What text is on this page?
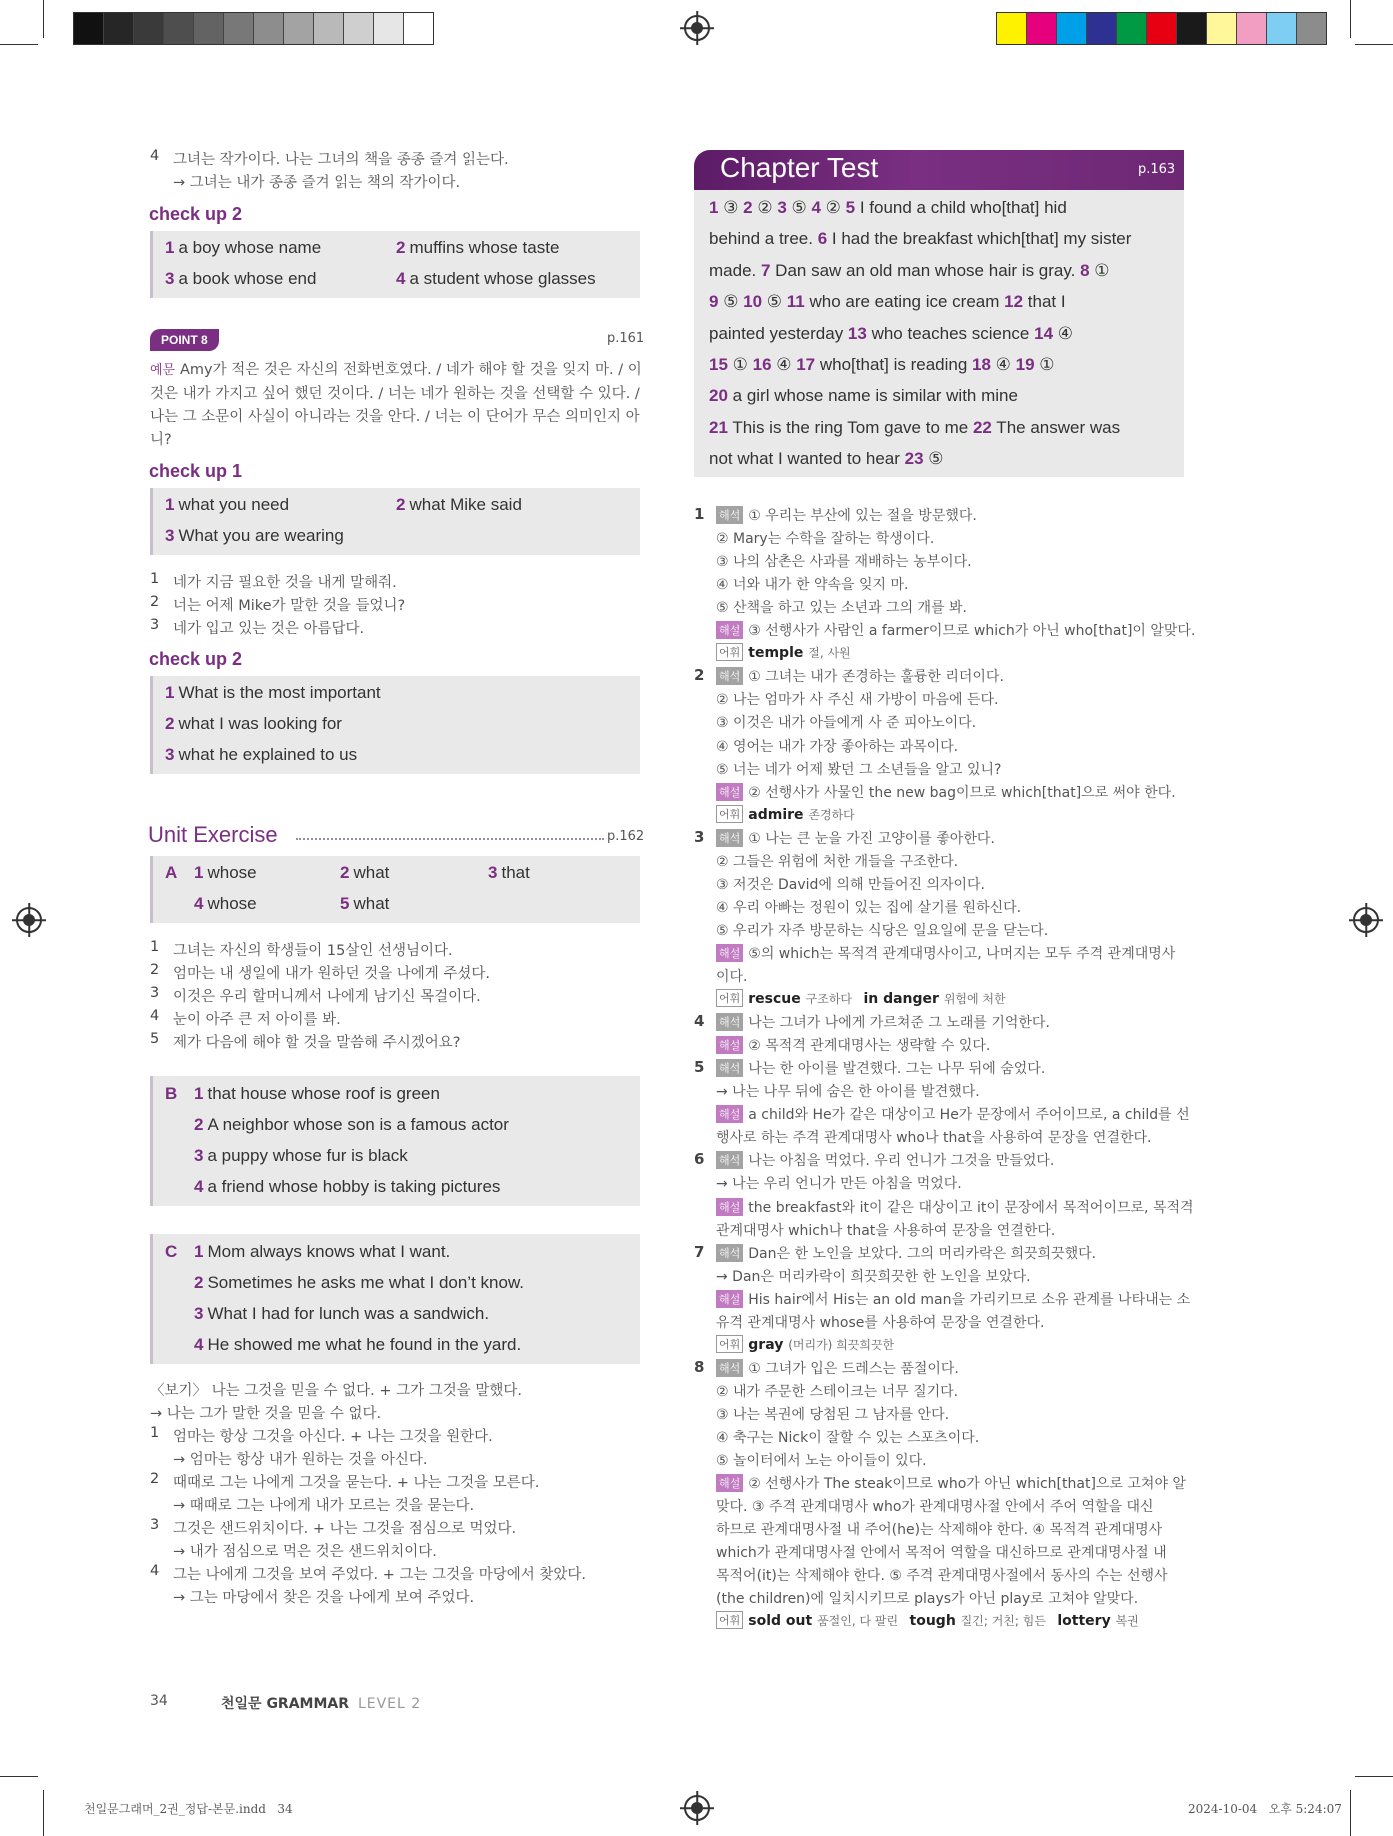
4 그녀는 작가이다. 나는 그녀의 책을 종종 즐겨 읽는다.
→ 그녀는 내가 종종 즐겨 읽는 책의 작가이다.
check up 2
1 a boy whose name	2 muffins whose taste
3 a book whose end	4 a student whose glasses
POINT 8	p.161
예문 Amy가 적은 것은 자신의 전화번호였다. / 네가 해야 할 것을 잊지 마. / 이
것은 내가 가지고 싶어 했던 것이다. / 너는 네가 원하는 것을 선택할 수 있다. /
나는 그 소문이 사실이 아니라는 것을 안다. / 너는 이 단어가 무슨 의미인지 아
니?
check up 1
1 what you need	2 what Mike said
3 What you are wearing
1 네가 지금 필요한 것을 내게 말해줘.
2 너는 어제 Mike가 말한 것을 들었니?
3 네가 입고 있는 것은 아름답다.
check up 2
1 What is the most important
2 what I was looking for
3 what he explained to us
Unit Exercise	p.162
A 1 whose	2 what	3 that
4 whose	5 what
1 그녀는 자신의 학생들이 15살인 선생님이다.
2 엄마는 내 생일에 내가 원하던 것을 나에게 주셨다.
3 이것은 우리 할머니께서 나에게 남기신 목걸이다.
4 눈이 아주 큰 저 아이를 봐.
5 제가 다음에 해야 할 것을 말씀해 주시겠어요?
B 1 that house whose roof is green
2 A neighbor whose son is a famous actor
3 a puppy whose fur is black
4 a friend whose hobby is taking pictures
C 1 Mom always knows what I want.
2 Sometimes he asks me what I don’t know.
3 What I had for lunch was a sandwich.
4 He showed me what he found in the yard.
〈보기〉 나는 그것을 믿을 수 없다. + 그가 그것을 말했다.
→ 나는 그가 말한 것을 믿을 수 없다.
1 엄마는 항상 그것을 아신다. + 나는 그것을 원한다.
→ 엄마는 항상 내가 원하는 것을 아신다.
2 때때로 그는 나에게 그것을 묻는다. + 나는 그것을 모른다.
→ 때때로 그는 나에게 내가 모르는 것을 묻는다.
3 그것은 샌드위치이다. + 나는 그것을 점심으로 먹었다.
→ 내가 점심으로 먹은 것은 샌드위치이다.
4 그는 나에게 그것을 보여 주었다. + 그는 그것을 마당에서 찾았다.
→ 그는 마당에서 찾은 것을 나에게 보여 주었다.
Chapter Test	p.163
1 ③ 2 ② 3 ⑤ 4 ② 5 I found a child who[that] hid
behind a tree. 6 I had the breakfast which[that] my sister
made. 7 Dan saw an old man whose hair is gray. 8 ①
9 ⑤ 10 ⑤ 11 who are eating ice cream 12 that I
painted yesterday 13 who teaches science 14 ④
15 ① 16 ④ 17 who[that] is reading 18 ④ 19 ①
20 a girl whose name is similar with mine
21 This is the ring Tom gave to me 22 The answer was
not what I wanted to hear 23 ⑤
1 해석 ① 우리는 부산에 있는 절을 방문했다.
② Mary는 수학을 잘하는 학생이다.
③ 나의 삼촌은 사과를 재배하는 농부이다.
④ 너와 내가 한 약속을 잊지 마.
⑤ 산책을 하고 있는 소년과 그의 개를 봐.
해설 ③ 선행사가 사람인 a farmer이므로 which가 아닌 who[that]이 알맞다.
어휘 temple 절, 사원
2 해석 ① 그녀는 내가 존경하는 훌륭한 리더이다.
② 나는 엄마가 사 주신 새 가방이 마음에 든다.
③ 이것은 내가 아들에게 사 준 피아노이다.
④ 영어는 내가 가장 좋아하는 과목이다.
⑤ 너는 네가 어제 봤던 그 소년들을 알고 있니?
해설 ② 선행사가 사물인 the new bag이므로 which[that]으로 써야 한다.
어휘 admire 존경하다
3 해석 ① 나는 큰 눈을 가진 고양이를 좋아한다.
② 그들은 위험에 처한 개들을 구조한다.
③ 저것은 David에 의해 만들어진 의자이다.
④ 우리 아빠는 정원이 있는 집에 살기를 원하신다.
⑤ 우리가 자주 방문하는 식당은 일요일에 문을 닫는다.
해설 ⑤의 which는 목적격 관계대명사이고, 나머지는 모두 주격 관계대명사
이다.
어휘 rescue 구조하다   in danger 위험에 처한
4 해석 나는 그녀가 나에게 가르쳐준 그 노래를 기억한다.
해설 ② 목적격 관계대명사는 생략할 수 있다.
5 해석 나는 한 아이를 발견했다. 그는 나무 뒤에 숨었다.
→ 나는 나무 뒤에 숨은 한 아이를 발견했다.
해설 a child와 He가 같은 대상이고 He가 문장에서 주어이므로, a child를 선
행사로 하는 주격 관계대명사 who나 that을 사용하여 문장을 연결한다.
6 해석 나는 아침을 먹었다. 우리 언니가 그것을 만들었다.
→ 나는 우리 언니가 만든 아침을 먹었다.
해설 the breakfast와 it이 같은 대상이고 it이 문장에서 목적어이므로, 목적격
관계대명사 which나 that을 사용하여 문장을 연결한다.
7 해석 Dan은 한 노인을 보았다. 그의 머리카락은 희끗희끗했다.
→ Dan은 머리카락이 희끗희끗한 한 노인을 보았다.
해설 His hair에서 His는 an old man을 가리키므로 소유 관계를 나타내는 소
유격 관계대명사 whose를 사용하여 문장을 연결한다.
어휘 gray (머리가) 희끗희끗한
8 해석 ① 그녀가 입은 드레스는 품절이다.
② 내가 주문한 스테이크는 너무 질기다.
③ 나는 복권에 당첨된 그 남자를 안다.
④ 축구는 Nick이 잘할 수 있는 스포츠이다.
⑤ 놀이터에서 노는 아이들이 있다.
해설 ② 선행사가 The steak이므로 who가 아닌 which[that]으로 고쳐야 알
맞다. ③ 주격 관계대명사 who가 관계대명사절 안에서 주어 역할을 대신
하므로 관계대명사절 내 주어(he)는 삭제해야 한다. ④ 목적격 관계대명사
which가 관계대명사절 안에서 목적어 역할을 대신하므로 관계대명사절 내
목적어(it)는 삭제해야 한다. ⑤ 주격 관계대명사절에서 동사의 수는 선행사
(the children)에 일치시키므로 plays가 아닌 play로 고쳐야 알맞다.
어휘 sold out 품절인, 다 팔린   tough 질긴; 거친; 힘든   lottery 복권
34	천일문 GRAMMAR LEVEL 2
천일문그래머_2권_정답-본문.indd   34	2024-10-04   오후 5:24:07
